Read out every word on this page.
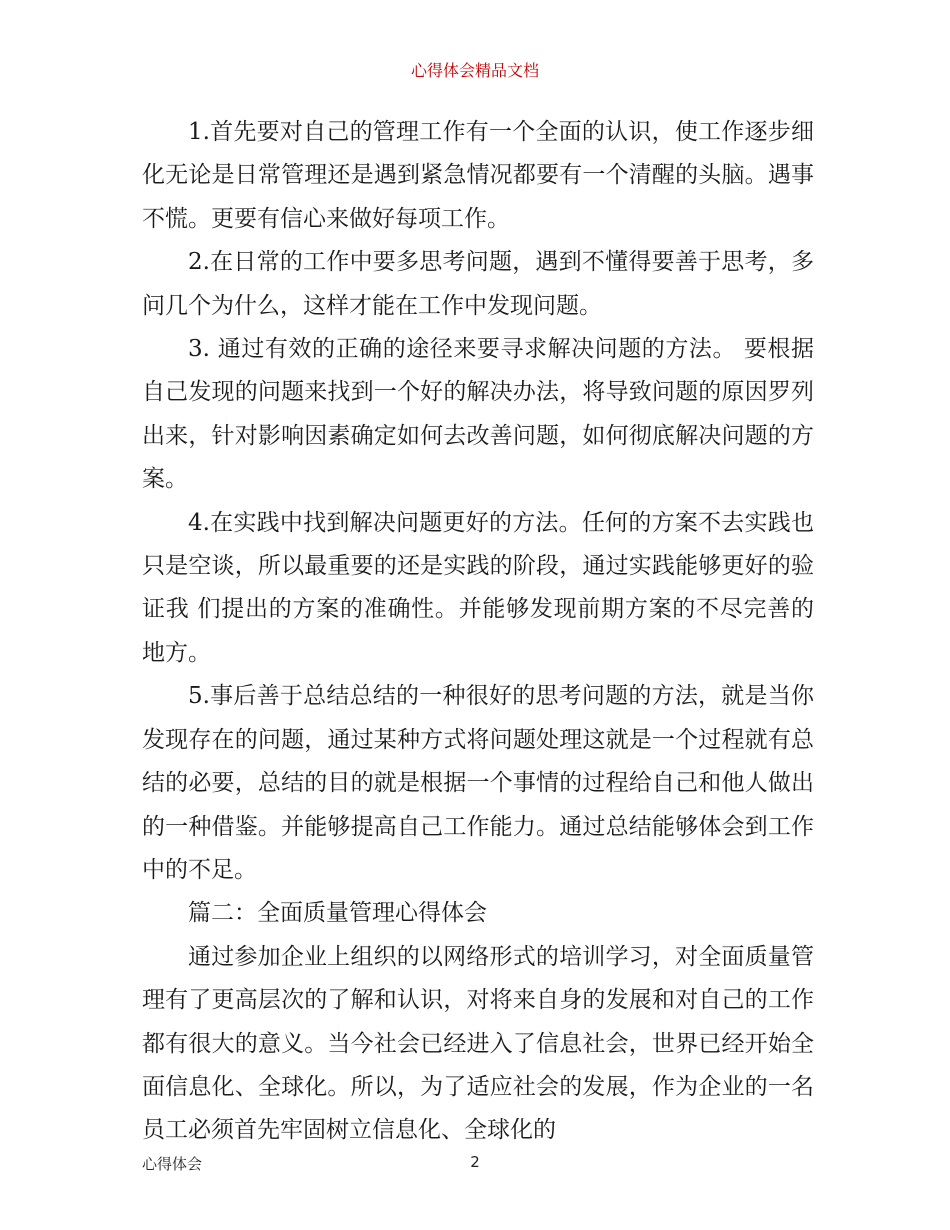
心得体会精品文档

1.首先要对自己的管理工作有一个全面的认识，使工作逐步细化无论是日常管理还是遇到紧急情况都要有一个清醒的头脑。遇事不慌。更要有信心来做好每项工作。

2.在日常的工作中要多思考问题，遇到不懂得要善于思考，多问几个为什么，这样才能在工作中发现问题。

3. 通过有效的正确的途径来要寻求解决问题的方法。 要根据自己发现的问题来找到一个好的解决办法，将导致问题的原因罗列出来，针对影响因素确定如何去改善问题，如何彻底解决问题的方案。

4.在实践中找到解决问题更好的方法。任何的方案不去实践也只是空谈，所以最重要的还是实践的阶段，通过实践能够更好的验证我 们提出的方案的准确性。并能够发现前期方案的不尽完善的地方。

5.事后善于总结总结的一种很好的思考问题的方法，就是当你发现存在的问题，通过某种方式将问题处理这就是一个过程就有总结的必要，总结的目的就是根据一个事情的过程给自己和他人做出的一种借鉴。并能够提高自己工作能力。通过总结能够体会到工作中的不足。

篇二：全面质量管理心得体会

通过参加企业上组织的以网络形式的培训学习，对全面质量管理有了更高层次的了解和认识，对将来自身的发展和对自己的工作都有很大的意义。当今社会已经进入了信息社会，世界已经开始全面信息化、全球化。所以，为了适应社会的发展，作为企业的一名员工必须首先牢固树立信息化、全球化的

心得体会	2
